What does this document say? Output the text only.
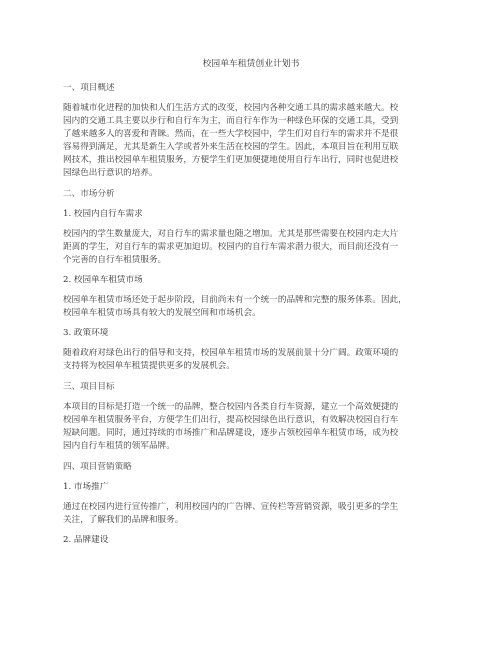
校园单车租赁创业计划书
一、项目概述
随着城市化进程的加快和人们生活方式的改变，校园内各种交通工具的需求越来越大。校
园内的交通工具主要以步行和自行车为主，而自行车作为一种绿色环保的交通工具，受到
了越来越多人的喜爱和青睐。然而，在一些大学校园中，学生们对自行车的需求并不是很
容易得到满足，尤其是新生入学或者外来生活在校园的学生。因此，本项目旨在利用互联
网技术，推出校园单车租赁服务，方便学生们更加便捷地使用自行车出行，同时也促进校
园绿色出行意识的培养。
二、市场分析
1. 校园内自行车需求
校园内的学生数量庞大，对自行车的需求量也随之增加。尤其是那些需要在校园内走大片
距离的学生，对自行车的需求更加迫切。校园内的自行车需求潜力很大，而目前还没有一
个完善的自行车租赁服务。
2. 校园单车租赁市场
校园单车租赁市场还处于起步阶段，目前尚未有一个统一的品牌和完整的服务体系。因此，
校园单车租赁市场具有较大的发展空间和市场机会。
3. 政策环境
随着政府对绿色出行的倡导和支持，校园单车租赁市场的发展前景十分广阔。政策环境的
支持将为校园单车租赁提供更多的发展机会。
三、项目目标
本项目的目标是打造一个统一的品牌，整合校园内各类自行车资源，建立一个高效便捷的
校园单车租赁服务平台，方便学生们出行，提高校园绿色出行意识，有效解决校园自行车
短缺问题。同时，通过持续的市场推广和品牌建设，逐步占领校园单车租赁市场，成为校
园内自行车租赁的领军品牌。
四、项目营销策略
1. 市场推广
通过在校园内进行宣传推广，利用校园内的广告牌、宣传栏等营销资源，吸引更多的学生
关注，了解我们的品牌和服务。
2. 品牌建设
